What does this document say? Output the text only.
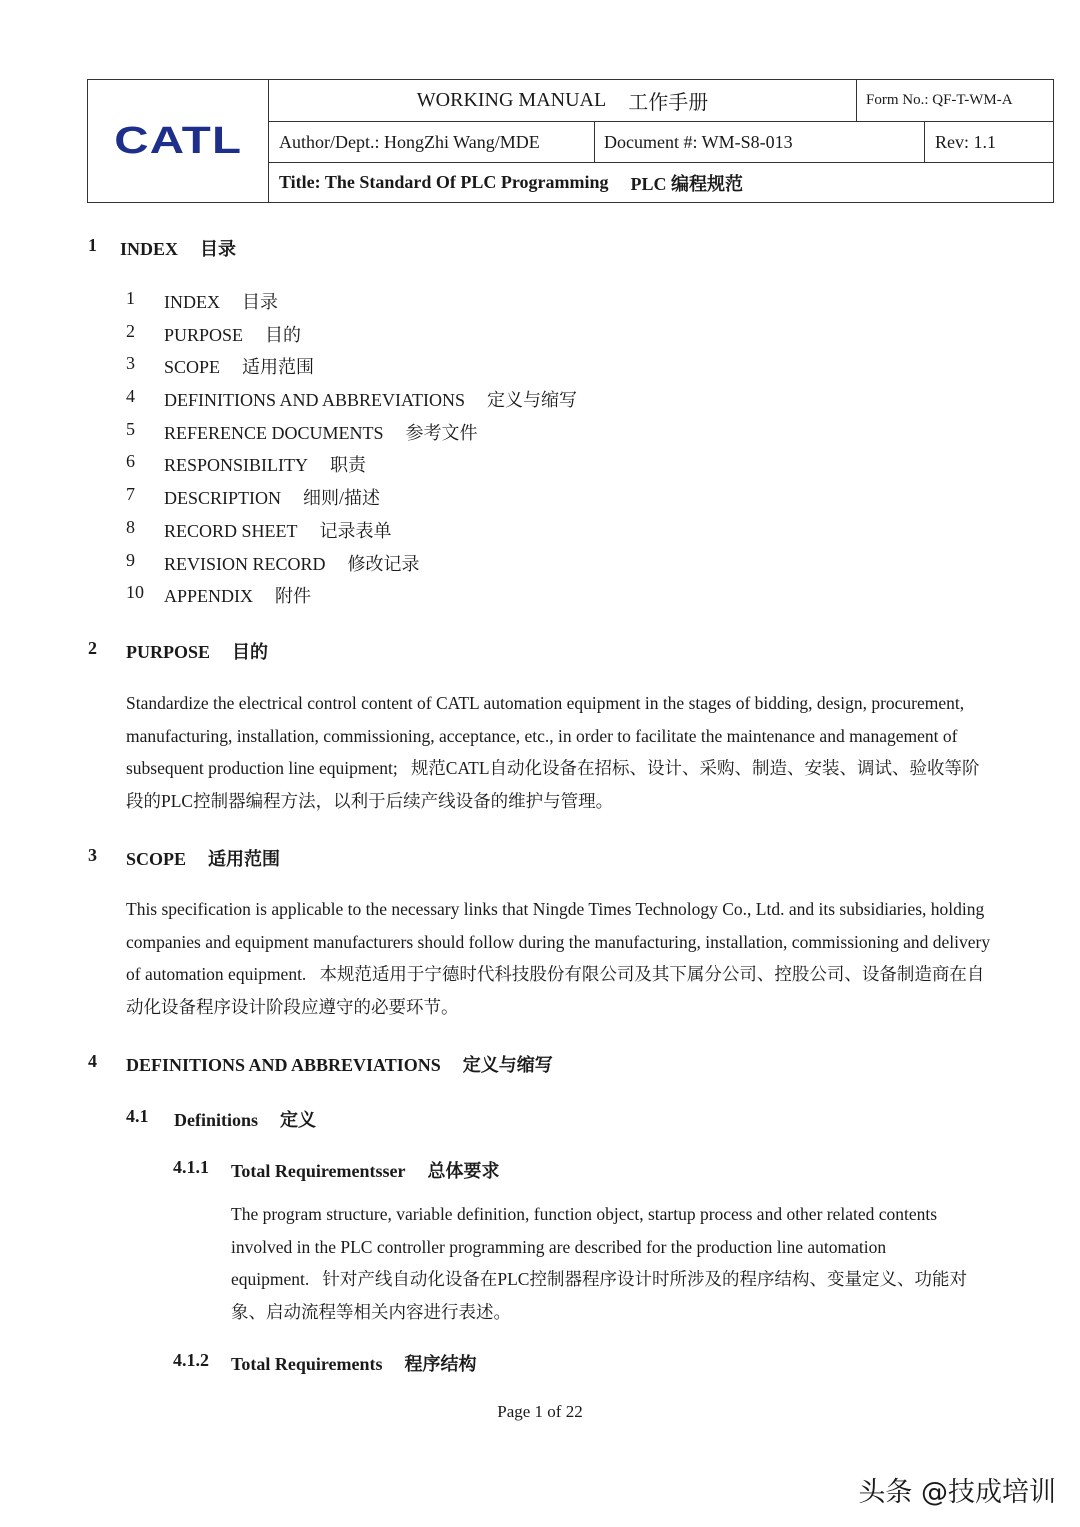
CATL
WORKING MANUAL 工作手册	Form No.: QF-T-WM-A
Author/Dept.: HongZhi Wang/MDE	Document #: WM-S8-013	Rev: 1.1
Title: The Standard Of PLC Programming PLC 编程规范
1 INDEX 目录
1 INDEX 目录
2 PURPOSE 目的
3 SCOPE 适用范围
4 DEFINITIONS AND ABBREVIATIONS 定义与缩写
5 REFERENCE DOCUMENTS 参考文件
6 RESPONSIBILITY 职责
7 DESCRIPTION 细则/描述
8 RECORD SHEET 记录表单
9 REVISION RECORD 修改记录
10 APPENDIX 附件
2 PURPOSE 目的
Standardize the electrical control content of CATL automation equipment in the stages of bidding, design, procurement, manufacturing, installation, commissioning, acceptance, etc., in order to facilitate the maintenance and management of subsequent production line equipment; 规范CATL自动化设备在招标、设计、采购、制造、安装、调试、验收等阶段的PLC控制器编程方法，以利于后续产线设备的维护与管理。
3 SCOPE 适用范围
This specification is applicable to the necessary links that Ningde Times Technology Co., Ltd. and its subsidiaries, holding companies and equipment manufacturers should follow during the manufacturing, installation, commissioning and delivery of automation equipment. 本规范适用于宁德时代科技股份有限公司及其下属分公司、控股公司、设备制造商在自动化设备程序设计阶段应遵守的必要环节。
4 DEFINITIONS AND ABBREVIATIONS 定义与缩写
4.1 Definitions 定义
4.1.1 Total Requirementsser 总体要求
The program structure, variable definition, function object, startup process and other related contents involved in the PLC controller programming are described for the production line automation equipment. 针对产线自动化设备在PLC控制器程序设计时所涉及的程序结构、变量定义、功能对象、启动流程等相关内容进行表述。
4.1.2 Total Requirements 程序结构
Page 1 of 22
头条 @技成培训
